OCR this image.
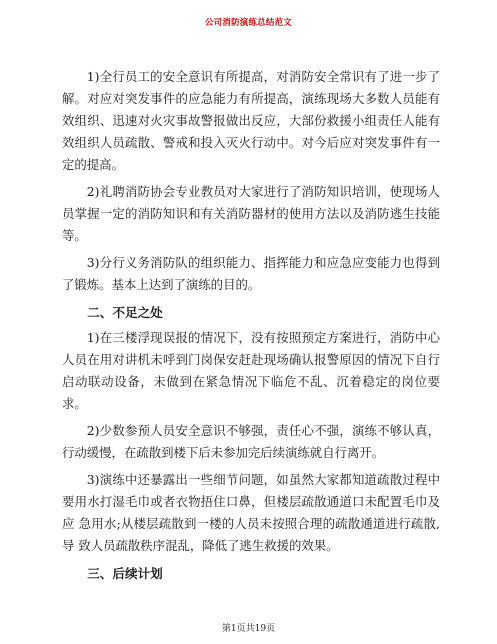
公司消防演练总结范文

1)全行员工的安全意识有所提高，对消防安全常识有了进一步了解。对应对突发事件的应急能力有所提高，演练现场大多数人员能有效组织、迅速对火灾事故警报做出反应，大部份救援小组责任人能有效组织人员疏散、警戒和投入灭火行动中。对今后应对突发事件有一定的提高。

2)礼聘消防协会专业教员对大家进行了消防知识培训，使现场人员掌握一定的消防知识和有关消防器材的使用方法以及消防逃生技能等。

3)分行义务消防队的组织能力、指挥能力和应急应变能力也得到了锻炼。基本上达到了演练的目的。

二、不足之处

1)在三楼浮现误报的情况下，没有按照预定方案进行，消防中心人员在用对讲机未呼到门岗保安赶赴现场确认报警原因的情况下自行启动联动设备，未做到在紧急情况下临危不乱、沉着稳定的岗位要求。

2)少数参预人员安全意识不够强，责任心不强，演练不够认真，行动缓慢，在疏散到楼下后未参加完后续演练就自行离开。

3)演练中还暴露出一些细节问题，如虽然大家都知道疏散过程中要用水打湿毛巾或者衣物捂住口鼻，但楼层疏散通道口未配置毛巾及应 急用水;从楼层疏散到一楼的人员未按照合理的疏散通道进行疏散,导 致人员疏散秩序混乱，降低了逃生救援的效果。

三、后续计划
第1页共19页
